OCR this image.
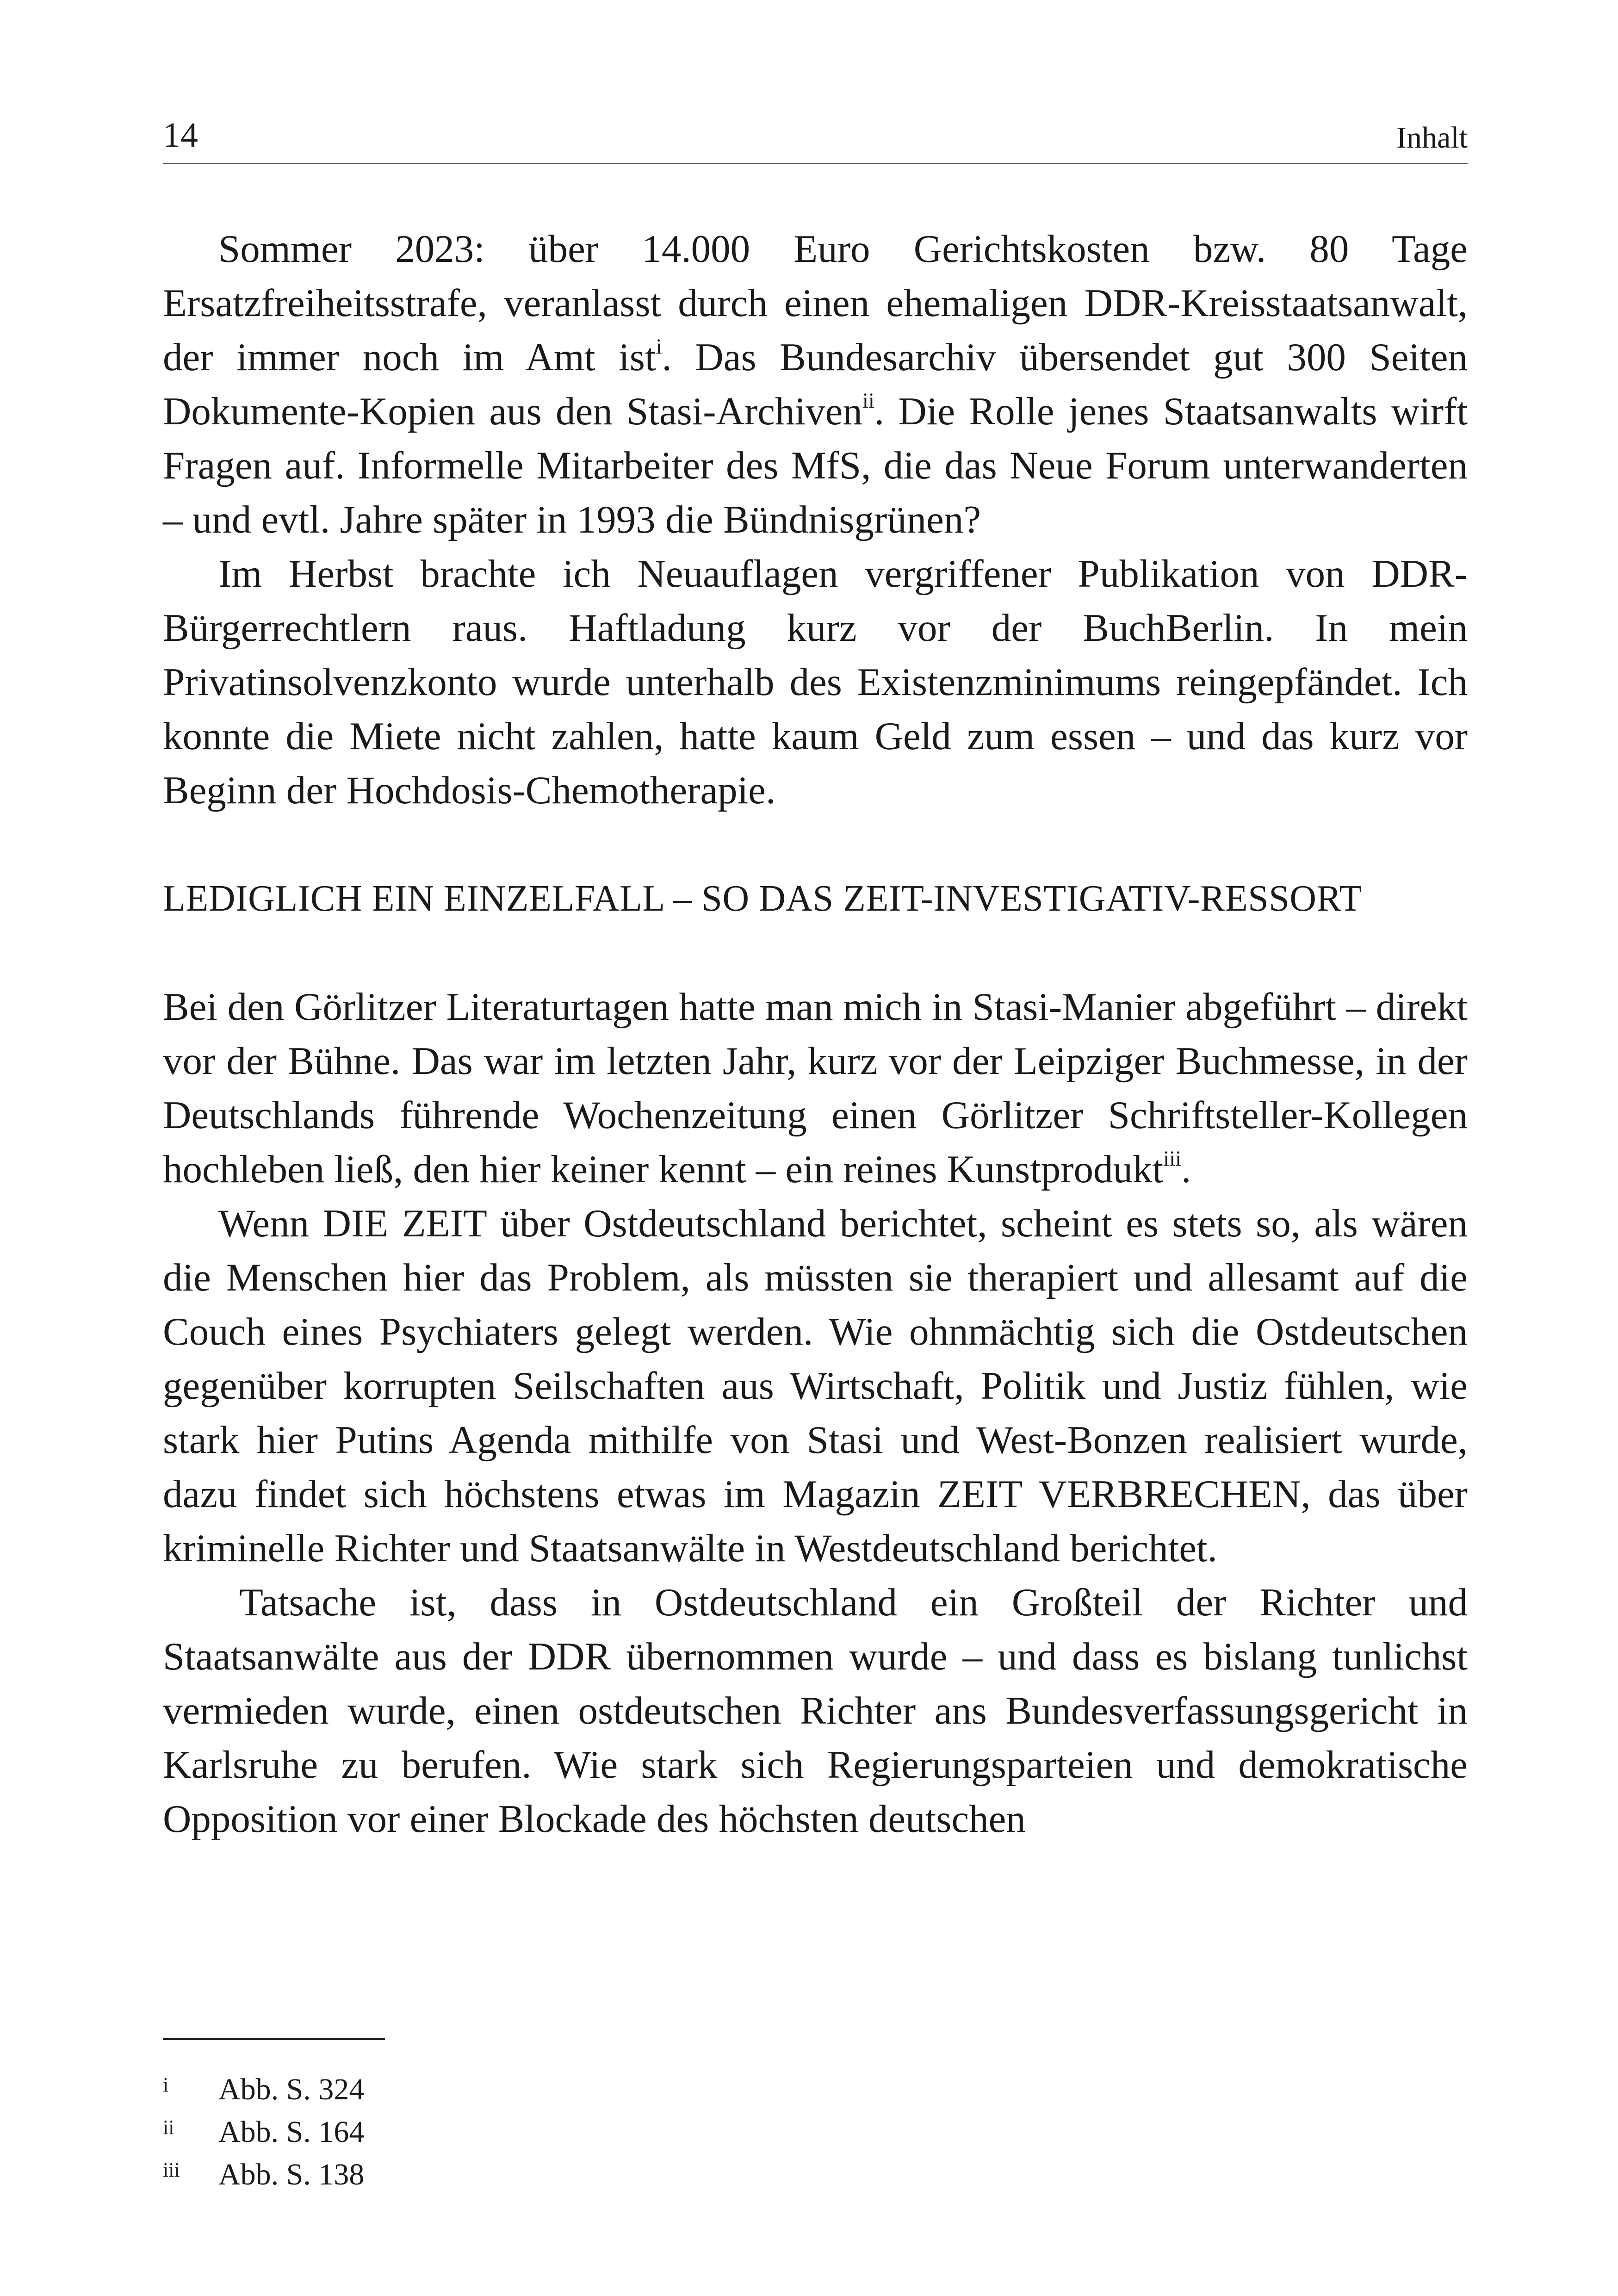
14	Inhalt

Sommer 2023: über 14.000 Euro Gerichtskosten bzw. 80 Tage Ersatzfreiheitsstrafe, veranlasst durch einen ehemaligen DDR-Kreisstaatsanwalt, der immer noch im Amt ist$^i$. Das Bundesarchiv übersendet gut 300 Seiten Dokumente-Kopien aus den Stasi-Archiven$^{ii}$. Die Rolle jenes Staatsanwalts wirft Fragen auf. Informelle Mitarbeiter des MfS, die das Neue Forum unterwanderten – und evtl. Jahre später in 1993 die Bündnisgrünen?

Im Herbst brachte ich Neuauflagen vergriffener Publikation von DDR-Bürgerrechtlern raus. Haftladung kurz vor der BuchBerlin. In mein Privatinsolvenzkonto wurde unterhalb des Existenzminimums reingepfändet. Ich konnte die Miete nicht zahlen, hatte kaum Geld zum essen – und das kurz vor Beginn der Hochdosis-Chemotherapie.

LEDIGLICH EIN EINZELFALL – SO DAS ZEIT-INVESTIGATIV-RESSORT

Bei den Görlitzer Literaturtagen hatte man mich in Stasi-Manier abgeführt – direkt vor der Bühne. Das war im letzten Jahr, kurz vor der Leipziger Buchmesse, in der Deutschlands führende Wochenzeitung einen Görlitzer Schriftsteller-Kollegen hochleben ließ, den hier keiner kennt – ein reines Kunstprodukt$^{iii}$.

Wenn DIE ZEIT über Ostdeutschland berichtet, scheint es stets so, als wären die Menschen hier das Problem, als müssten sie therapiert und allesamt auf die Couch eines Psychiaters gelegt werden. Wie ohnmächtig sich die Ostdeutschen gegenüber korrupten Seilschaften aus Wirtschaft, Politik und Justiz fühlen, wie stark hier Putins Agenda mithilfe von Stasi und West-Bonzen realisiert wurde, dazu findet sich höchstens etwas im Magazin ZEIT VERBRECHEN, das über kriminelle Richter und Staatsanwälte in Westdeutschland berichtet.

Tatsache ist, dass in Ostdeutschland ein Großteil der Richter und Staatsanwälte aus der DDR übernommen wurde – und dass es bislang tunlichst vermieden wurde, einen ostdeutschen Richter ans Bundesverfassungsgericht in Karlsruhe zu berufen. Wie stark sich Regierungsparteien und demokratische Opposition vor einer Blockade des höchsten deutschen

i Abb. S. 324
ii Abb. S. 164
iii Abb. S. 138
